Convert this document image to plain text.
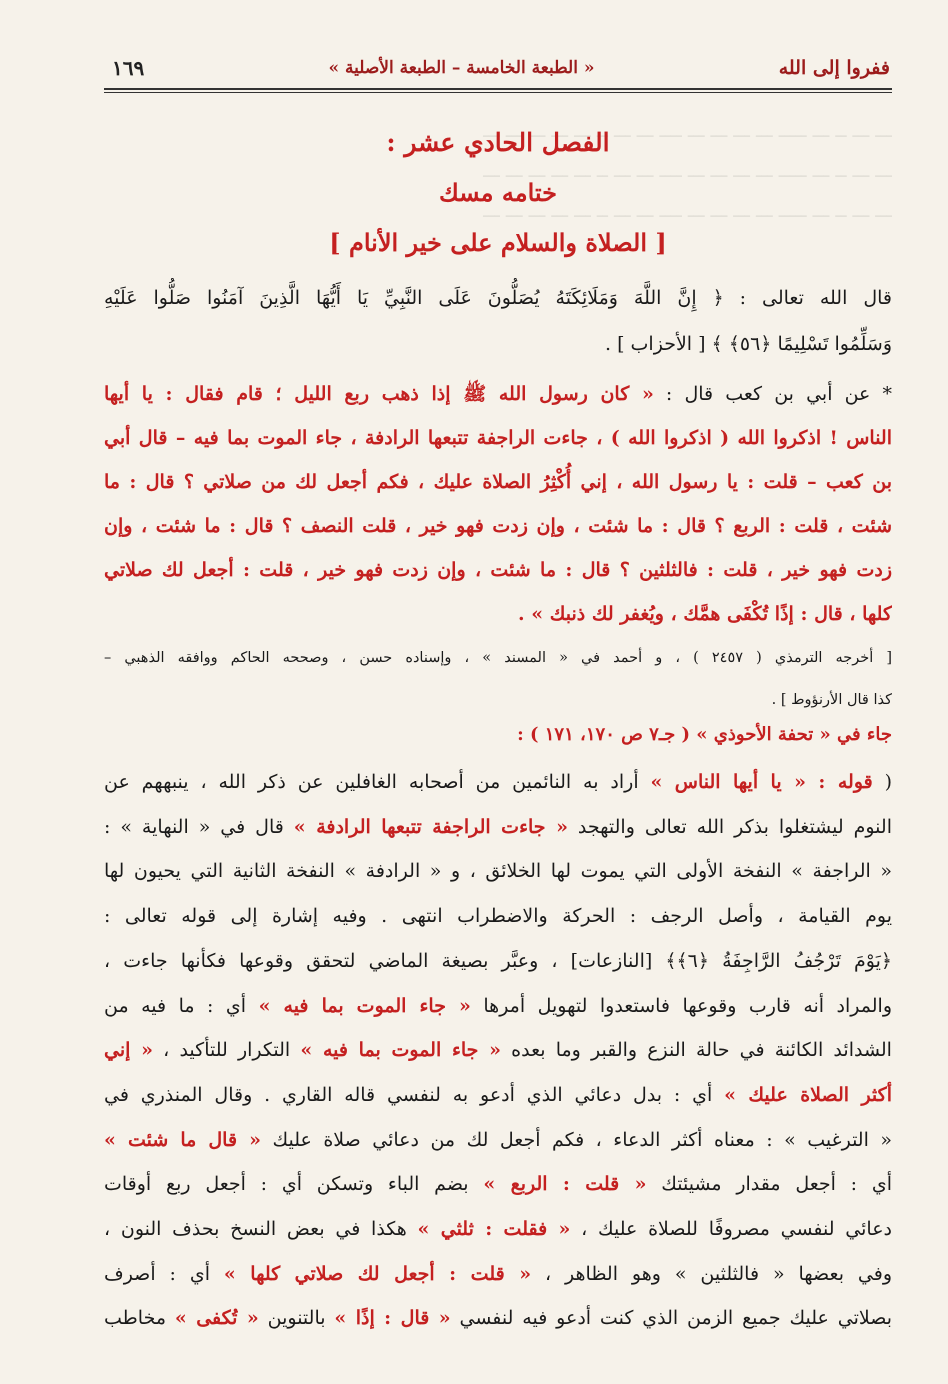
ففروا إلى الله
« الطبعة الخامسة – الطبعة الأصلية »
١٦٩
ـــ ـــ ــ ـــ ـــــ ـــ ـــ ـــ ـــ ــــ ـــ ـــ ــ ـــ ـــ ـــ ـــ ـــ
ـــ ـــ ــ ـــ ـــــ ـــ ـــ ـــ ـــ ــــ ـــ ـــ ــ ـــ ـــ ـــ ـــ ـــ
ـــ ـــ ــ ـــ ـــــ ـــ ـــ ـــ ـــ ــــ ـــ ـــ ــ ـــ ـــ ـــ ـــ ـــ
الفصل الحادي عشر :
ختامه مسك
[ الصلاة والسلام على خير الأنام ]
قال الله تعالى : ﴿ إِنَّ اللَّهَ وَمَلَائِكَتَهُ يُصَلُّونَ عَلَى النَّبِيِّ يَا أَيُّهَا الَّذِينَ آمَنُوا صَلُّوا عَلَيْهِ
وَسَلِّمُوا تَسْلِيمًا ﴿٥٦﴾ ﴾ [ الأحزاب ] .
* عن أبي بن كعب قال : « كان رسول الله ﷺ إذا ذهب ربع الليل ؛ قام فقال : يا أيها
الناس ! اذكروا الله ( اذكروا الله ) ، جاءت الراجفة تتبعها الرادفة ، جاء الموت بما فيه – قال أبي
بن كعب – قلت : يا رسول الله ، إني أُكْثِرُ الصلاة عليك ، فكم أجعل لك من صلاتي ؟ قال : ما
شئت ، قلت : الربع ؟ قال : ما شئت ، وإن زدت فهو خير ، قلت النصف ؟ قال : ما شئت ، وإن
زدت فهو خير ، قلت : فالثلثين ؟ قال : ما شئت ، وإن زدت فهو خير ، قلت : أجعل لك صلاتي
كلها ، قال : إذًا تُكْفَى همَّك ، ويُغفر لك ذنبك » .
[ أخرجه الترمذي ( ٢٤٥٧ ) ، و أحمد في « المسند » ، وإسناده حسن ، وصححه الحاكم ووافقه الذهبي –
كذا قال الأرنؤوط ] .
جاء في « تحفة الأحوذي » ( جـ٧ ص ١٧٠، ١٧١ ) :
( قوله : « يا أيها الناس » أراد به النائمين من أصحابه الغافلين عن ذكر الله ، ينبههم عن
النوم ليشتغلوا بذكر الله تعالى والتهجد « جاءت الراجفة تتبعها الرادفة » قال في « النهاية » :
« الراجفة » النفخة الأولى التي يموت لها الخلائق ، و « الرادفة » النفخة الثانية التي يحيون لها
يوم القيامة ، وأصل الرجف : الحركة والاضطراب انتهى . وفيه إشارة إلى قوله تعالى :
﴿يَوْمَ تَرْجُفُ الرَّاجِفَةُ ﴿٦﴾﴾ [النازعات] ، وعبَّر بصيغة الماضي لتحقق وقوعها فكأنها جاءت ،
والمراد أنه قارب وقوعها فاستعدوا لتهويل أمرها « جاء الموت بما فيه » أي : ما فيه من
الشدائد الكائنة في حالة النزع والقبر وما بعده « جاء الموت بما فيه » التكرار للتأكيد ، « إني
أكثر الصلاة عليك » أي : بدل دعائي الذي أدعو به لنفسي قاله القاري . وقال المنذري في
« الترغيب » : معناه أكثر الدعاء ، فكم أجعل لك من دعائي صلاة عليك « قال ما شئت »
أي : أجعل مقدار مشيئتك « قلت : الربع » بضم الباء وتسكن أي : أجعل ربع أوقات
دعائي لنفسي مصروفًا للصلاة عليك ، « فقلت : ثلثي » هكذا في بعض النسخ بحذف النون ،
وفي بعضها « فالثلثين » وهو الظاهر ، « قلت : أجعل لك صلاتي كلها » أي : أصرف
بصلاتي عليك جميع الزمن الذي كنت أدعو فيه لنفسي « قال : إذًا » بالتنوين « تُكفى » مخاطب
